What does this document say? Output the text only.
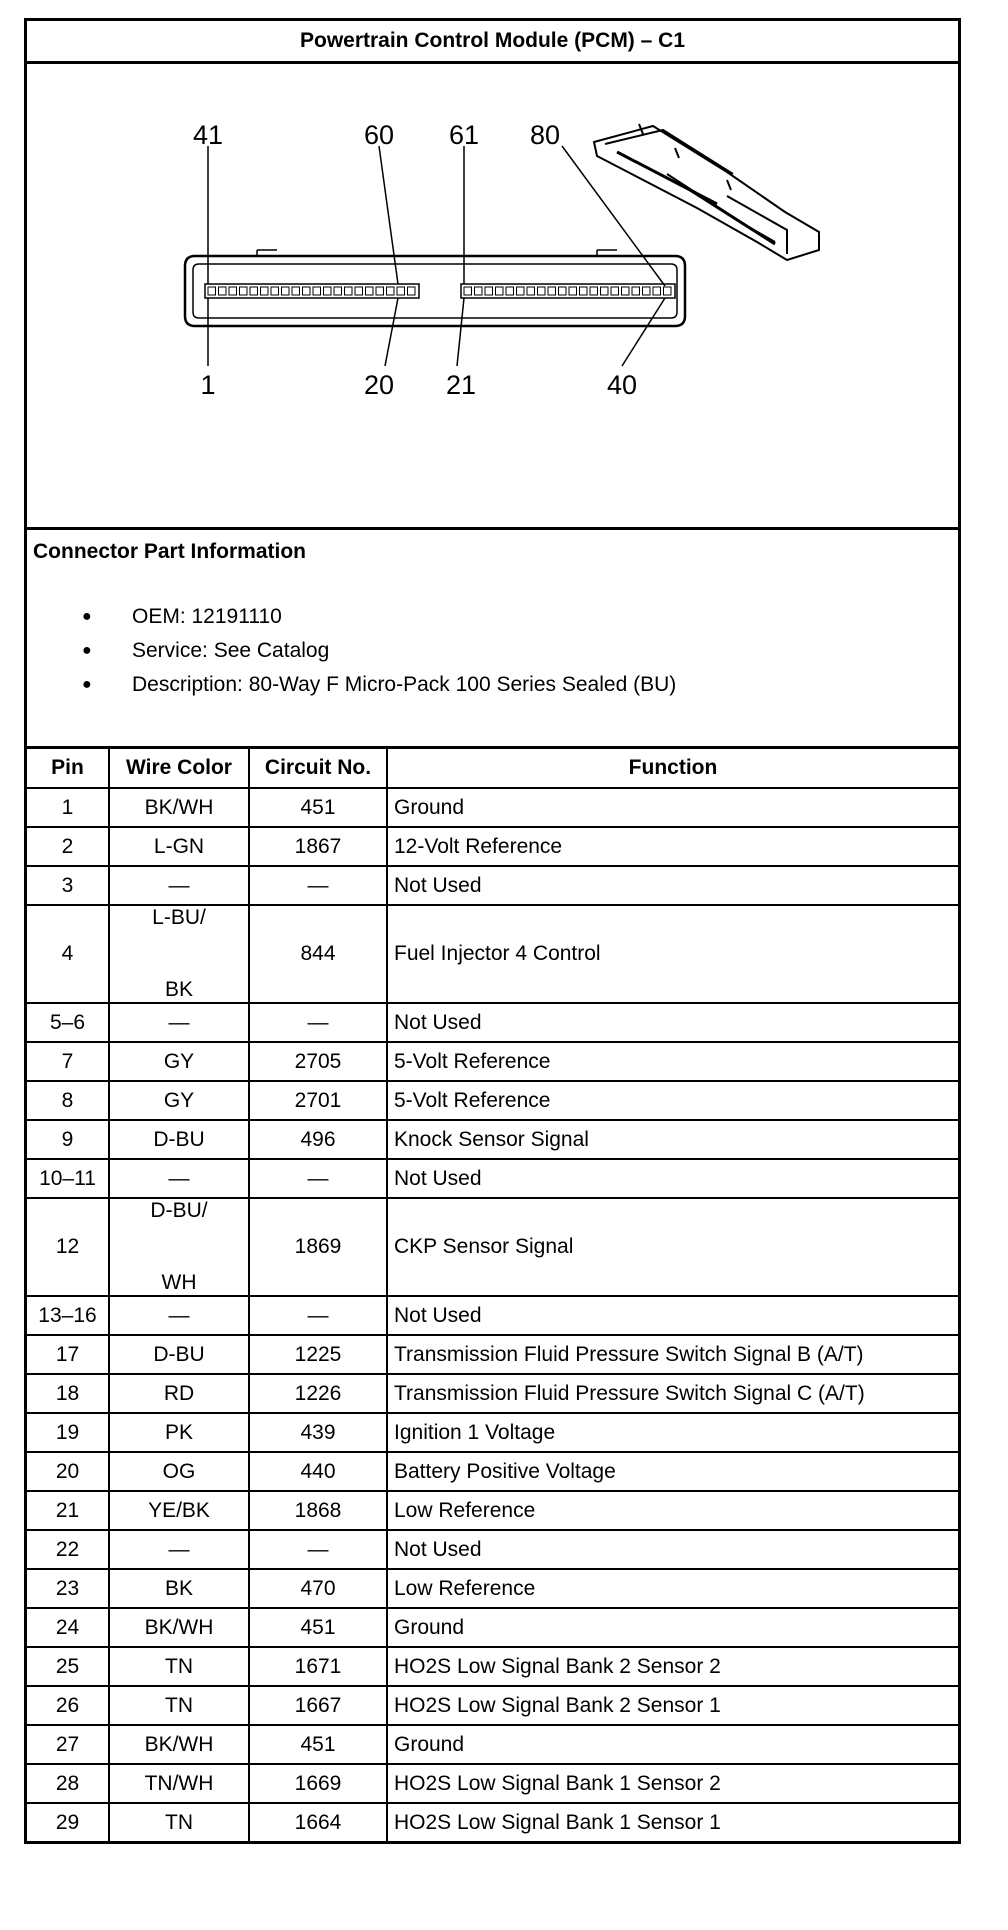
Powertrain Control Module (PCM) – C1
41	60 61 80
1	20 21	40
Connector Part Information
● OEM: 12191110
● Service: See Catalog
● Description: 80-Way F Micro-Pack 100 Series Sealed (BU)
Pin	Wire Color	Circuit No.	Function
1	BK/WH	451	Ground
2	L-GN	1867	12-Volt Reference
3	—	—	Not Used
4	L-BU/
BK	844	Fuel Injector 4 Control
5–6	—	—	Not Used
7	GY	2705	5-Volt Reference
8	GY	2701	5-Volt Reference
9	D-BU	496	Knock Sensor Signal
10–11	—	—	Not Used
12	D-BU/
WH	1869	CKP Sensor Signal
13–16	—	—	Not Used
17	D-BU	1225	Transmission Fluid Pressure Switch Signal B (A/T)
18	RD	1226	Transmission Fluid Pressure Switch Signal C (A/T)
19	PK	439	Ignition 1 Voltage
20	OG	440	Battery Positive Voltage
21	YE/BK	1868	Low Reference
22	—	—	Not Used
23	BK	470	Low Reference
24	BK/WH	451	Ground
25	TN	1671	HO2S Low Signal Bank 2 Sensor 2
26	TN	1667	HO2S Low Signal Bank 2 Sensor 1
27	BK/WH	451	Ground
28	TN/WH	1669	HO2S Low Signal Bank 1 Sensor 2
29	TN	1664	HO2S Low Signal Bank 1 Sensor 1
